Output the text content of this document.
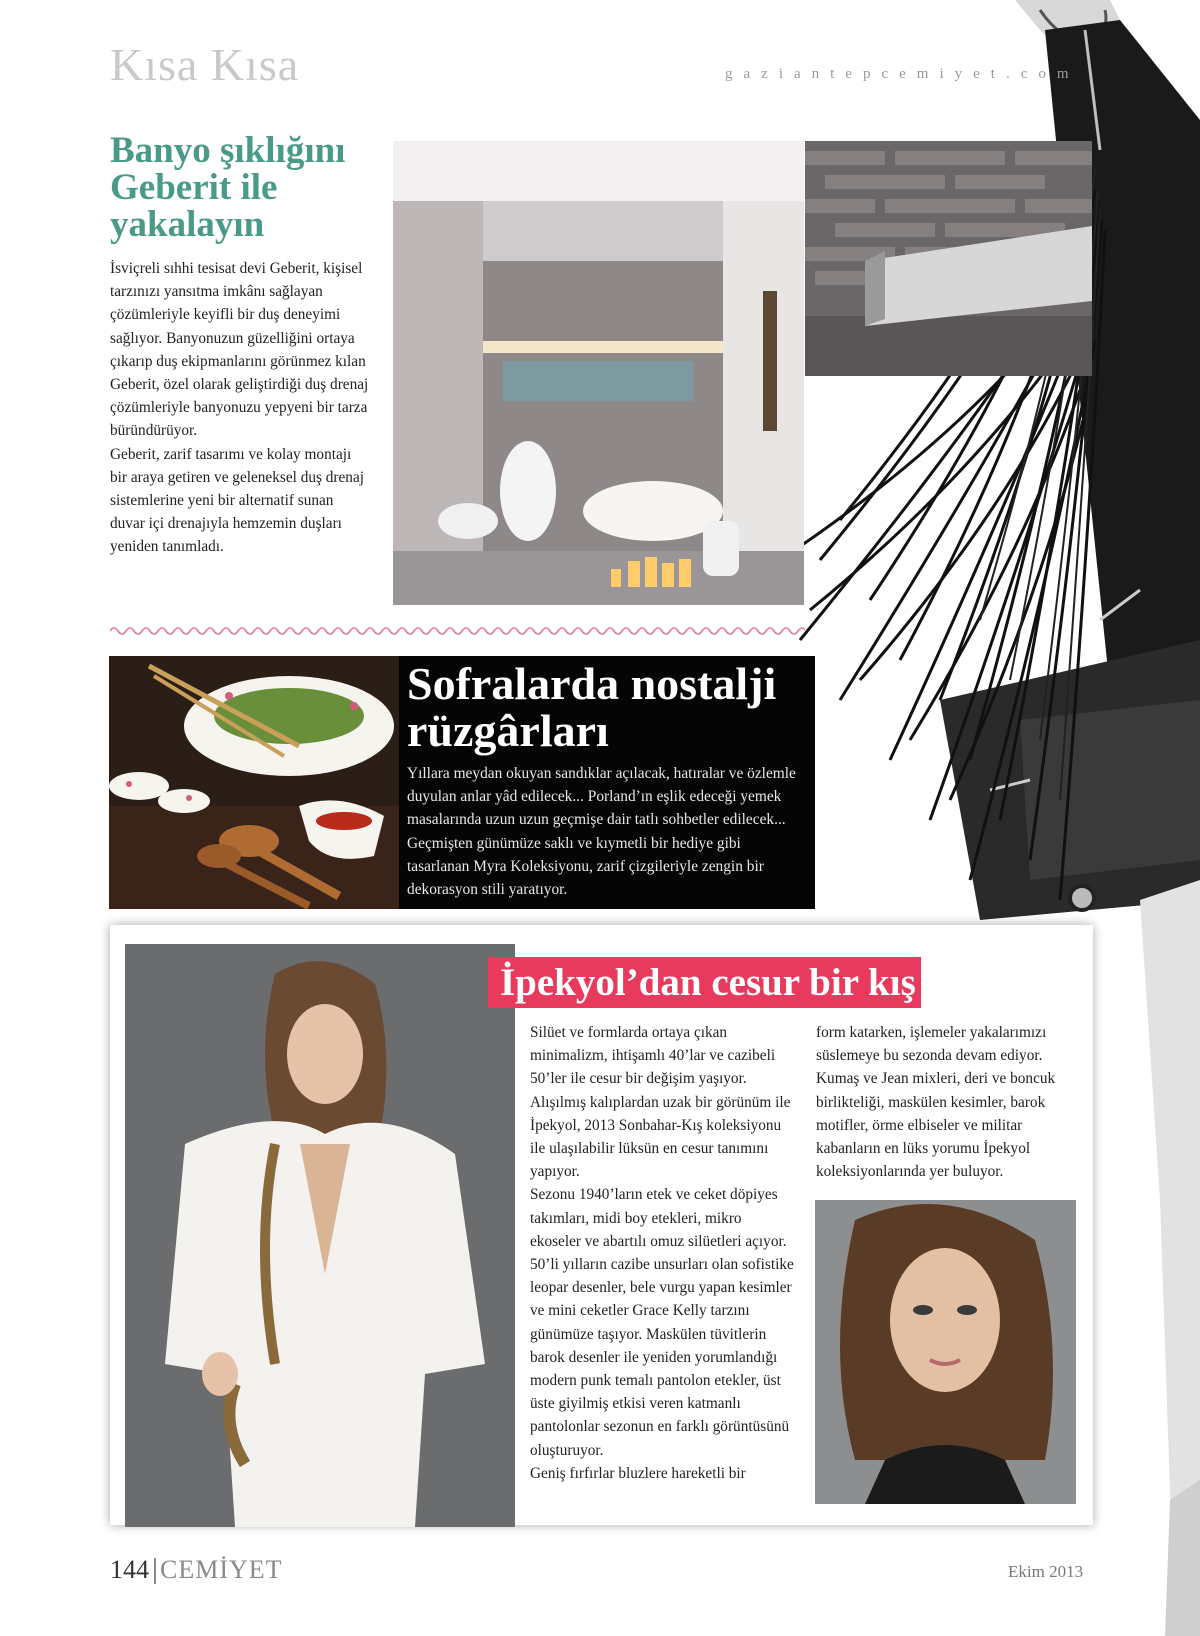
Kısa Kısa	gaziantepcemiyet.com
Banyo şıklığını Geberit ile yakalayın

İsviçreli sıhhi tesisat devi Geberit, kişisel tarzınızı yansıtma imkânı sağlayan çözümleriyle keyifli bir duş deneyimi sağlıyor. Banyonuzun güzelliğini ortaya çıkarıp duş ekipmanlarını görünmez kılan Geberit, özel olarak geliştirdiği duş drenaj çözümleriyle banyonuzu yepyeni bir tarza büründürüyor.

Geberit, zarif tasarımı ve kolay montajı bir araya getiren ve geleneksel duş drenaj sistemlerine yeni bir alternatif sunan duvar içi drenajıyla hemzemin duşları yeniden tanımladı.

Sofralarda nostalji rüzgârları
Yıllara meydan okuyan sandıklar açılacak, hatıralar ve özlemle duyulan anlar yâd edilecek... Porland’ın eşlik edeceği yemek masalarında uzun uzun geçmişe dair tatlı sohbetler edilecek... Geçmişten günümüze saklı ve kıymetli bir hediye gibi tasarlanan Myra Koleksiyonu, zarif çizgileriyle zengin bir dekorasyon stili yaratıyor.
İpekyol’dan cesur bir kış

Silüet ve formlarda ortaya çıkan minimalizm, ihtişamlı 40’lar ve cazibeli 50’ler ile cesur bir değişim yaşıyor. Alışılmış kalıplardan uzak bir görünüm ile İpekyol, 2013 Sonbahar-Kış koleksiyonu ile ulaşılabilir lüksün en cesur tanımını yapıyor.

Sezonu 1940’ların etek ve ceket döpiyes takımları, midi boy etekleri, mikro ekoseler ve abartılı omuz silüetleri açıyor. 50’li yılların cazibe unsurları olan sofistike leopar desenler, bele vurgu yapan kesimler ve mini ceketler Grace Kelly tarzını günümüze taşıyor. Maskülen tüvitlerin barok desenler ile yeniden yorumlandığı modern punk temalı pantolon etekler, üst üste giyilmiş etkisi veren katmanlı pantolonlar sezonun en farklı görüntüsünü oluşturuyor.

Geniş fırfırlar bluzlere hareketli bir

form katarken, işlemeler yakalarımızı süslemeye bu sezonda devam ediyor. Kumaş ve Jean mixleri, deri ve boncuk birlikteliği, maskülen kesimler, barok motifler, örme elbiseler ve militar kabanların en lüks yorumu İpekyol koleksiyonlarında yer buluyor.
144 CEMİYET	Ekim 2013
